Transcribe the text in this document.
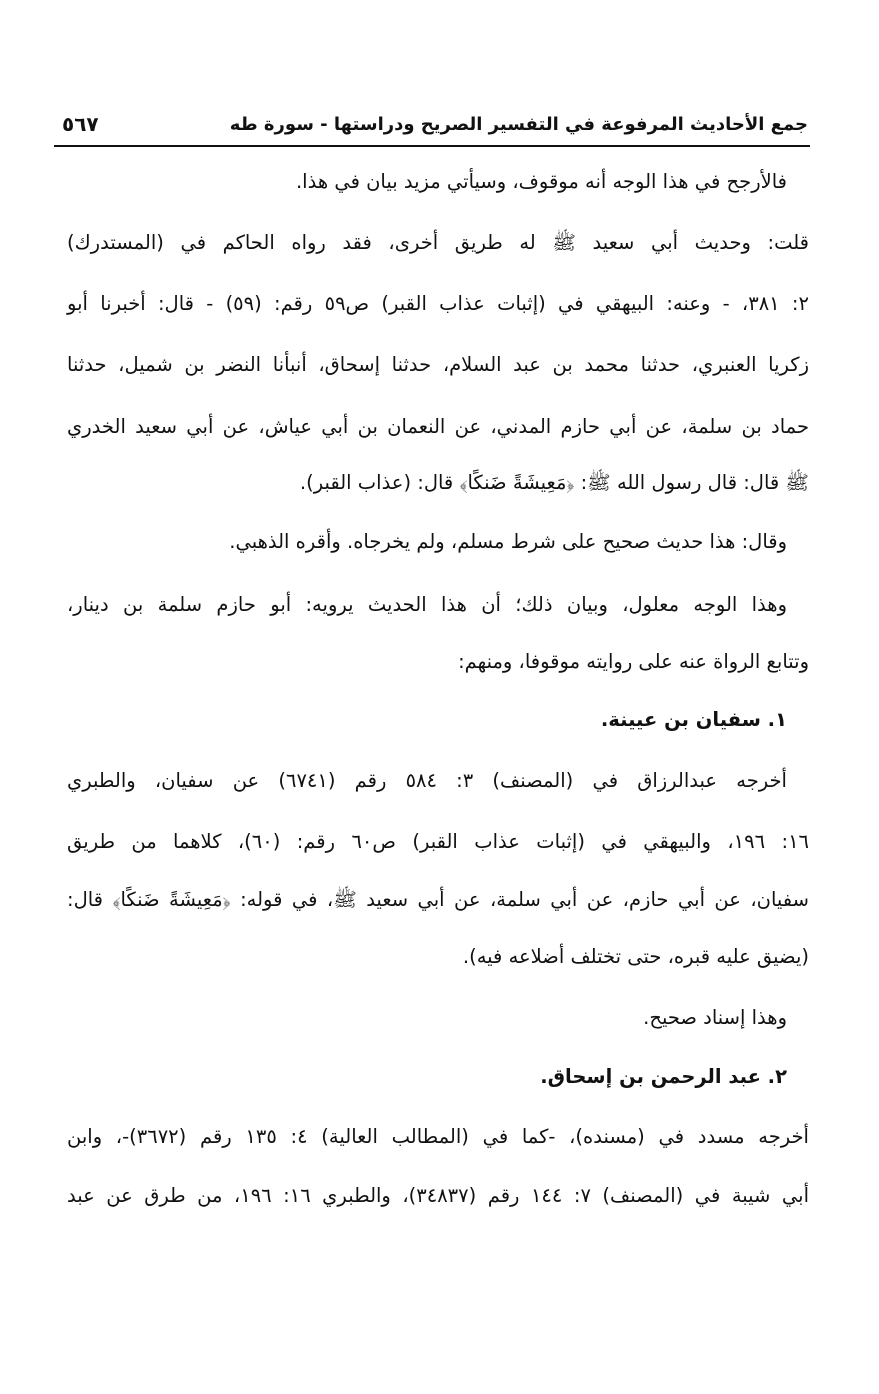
جمع الأحاديث المرفوعة في التفسير الصريح ودراستها - سورة طه
٥٦٧
فالأرجح في هذا الوجه أنه موقوف، وسيأتي مزيد بيان في هذا.
قلت: وحديث أبي سعيد ﷺ له طريق أخرى، فقد رواه الحاكم في (المستدرك)
٢: ٣٨١، - وعنه: البيهقي في (إثبات عذاب القبر) ص٥٩ رقم: (٥٩) - قال: أخبرنا أبو
زكريا العنبري، حدثنا محمد بن عبد السلام، حدثنا إسحاق، أنبأنا النضر بن شميل، حدثنا
حماد بن سلمة، عن أبي حازم المدني، عن النعمان بن أبي عياش، عن أبي سعيد الخدري
ﷺ قال: قال رسول الله ﷺ: ﴿مَعِيشَةً ضَنكًا﴾ قال: (عذاب القبر).
وقال: هذا حديث صحيح على شرط مسلم، ولم يخرجاه. وأقره الذهبي.
وهذا الوجه معلول، وبيان ذلك؛ أن هذا الحديث يرويه: أبو حازم سلمة بن دينار،
وتتابع الرواة عنه على روايته موقوفا، ومنهم:
١. سفيان بن عيينة.
أخرجه عبدالرزاق في (المصنف) ٣: ٥٨٤ رقم (٦٧٤١) عن سفيان، والطبري
١٦: ١٩٦، والبيهقي في (إثبات عذاب القبر) ص٦٠ رقم: (٦٠)، كلاهما من طريق
سفيان، عن أبي حازم، عن أبي سلمة، عن أبي سعيد ﷺ، في قوله: ﴿مَعِيشَةً ضَنكًا﴾ قال:
(يضيق عليه قبره، حتى تختلف أضلاعه فيه).
وهذا إسناد صحيح.
٢. عبد الرحمن بن إسحاق.
أخرجه مسدد في (مسنده)، -كما في (المطالب العالية) ٤: ١٣٥ رقم (٣٦٧٢)-، وابن
أبي شيبة في (المصنف) ٧: ١٤٤ رقم (٣٤٨٣٧)، والطبري ١٦: ١٩٦، من طرق عن عبد
